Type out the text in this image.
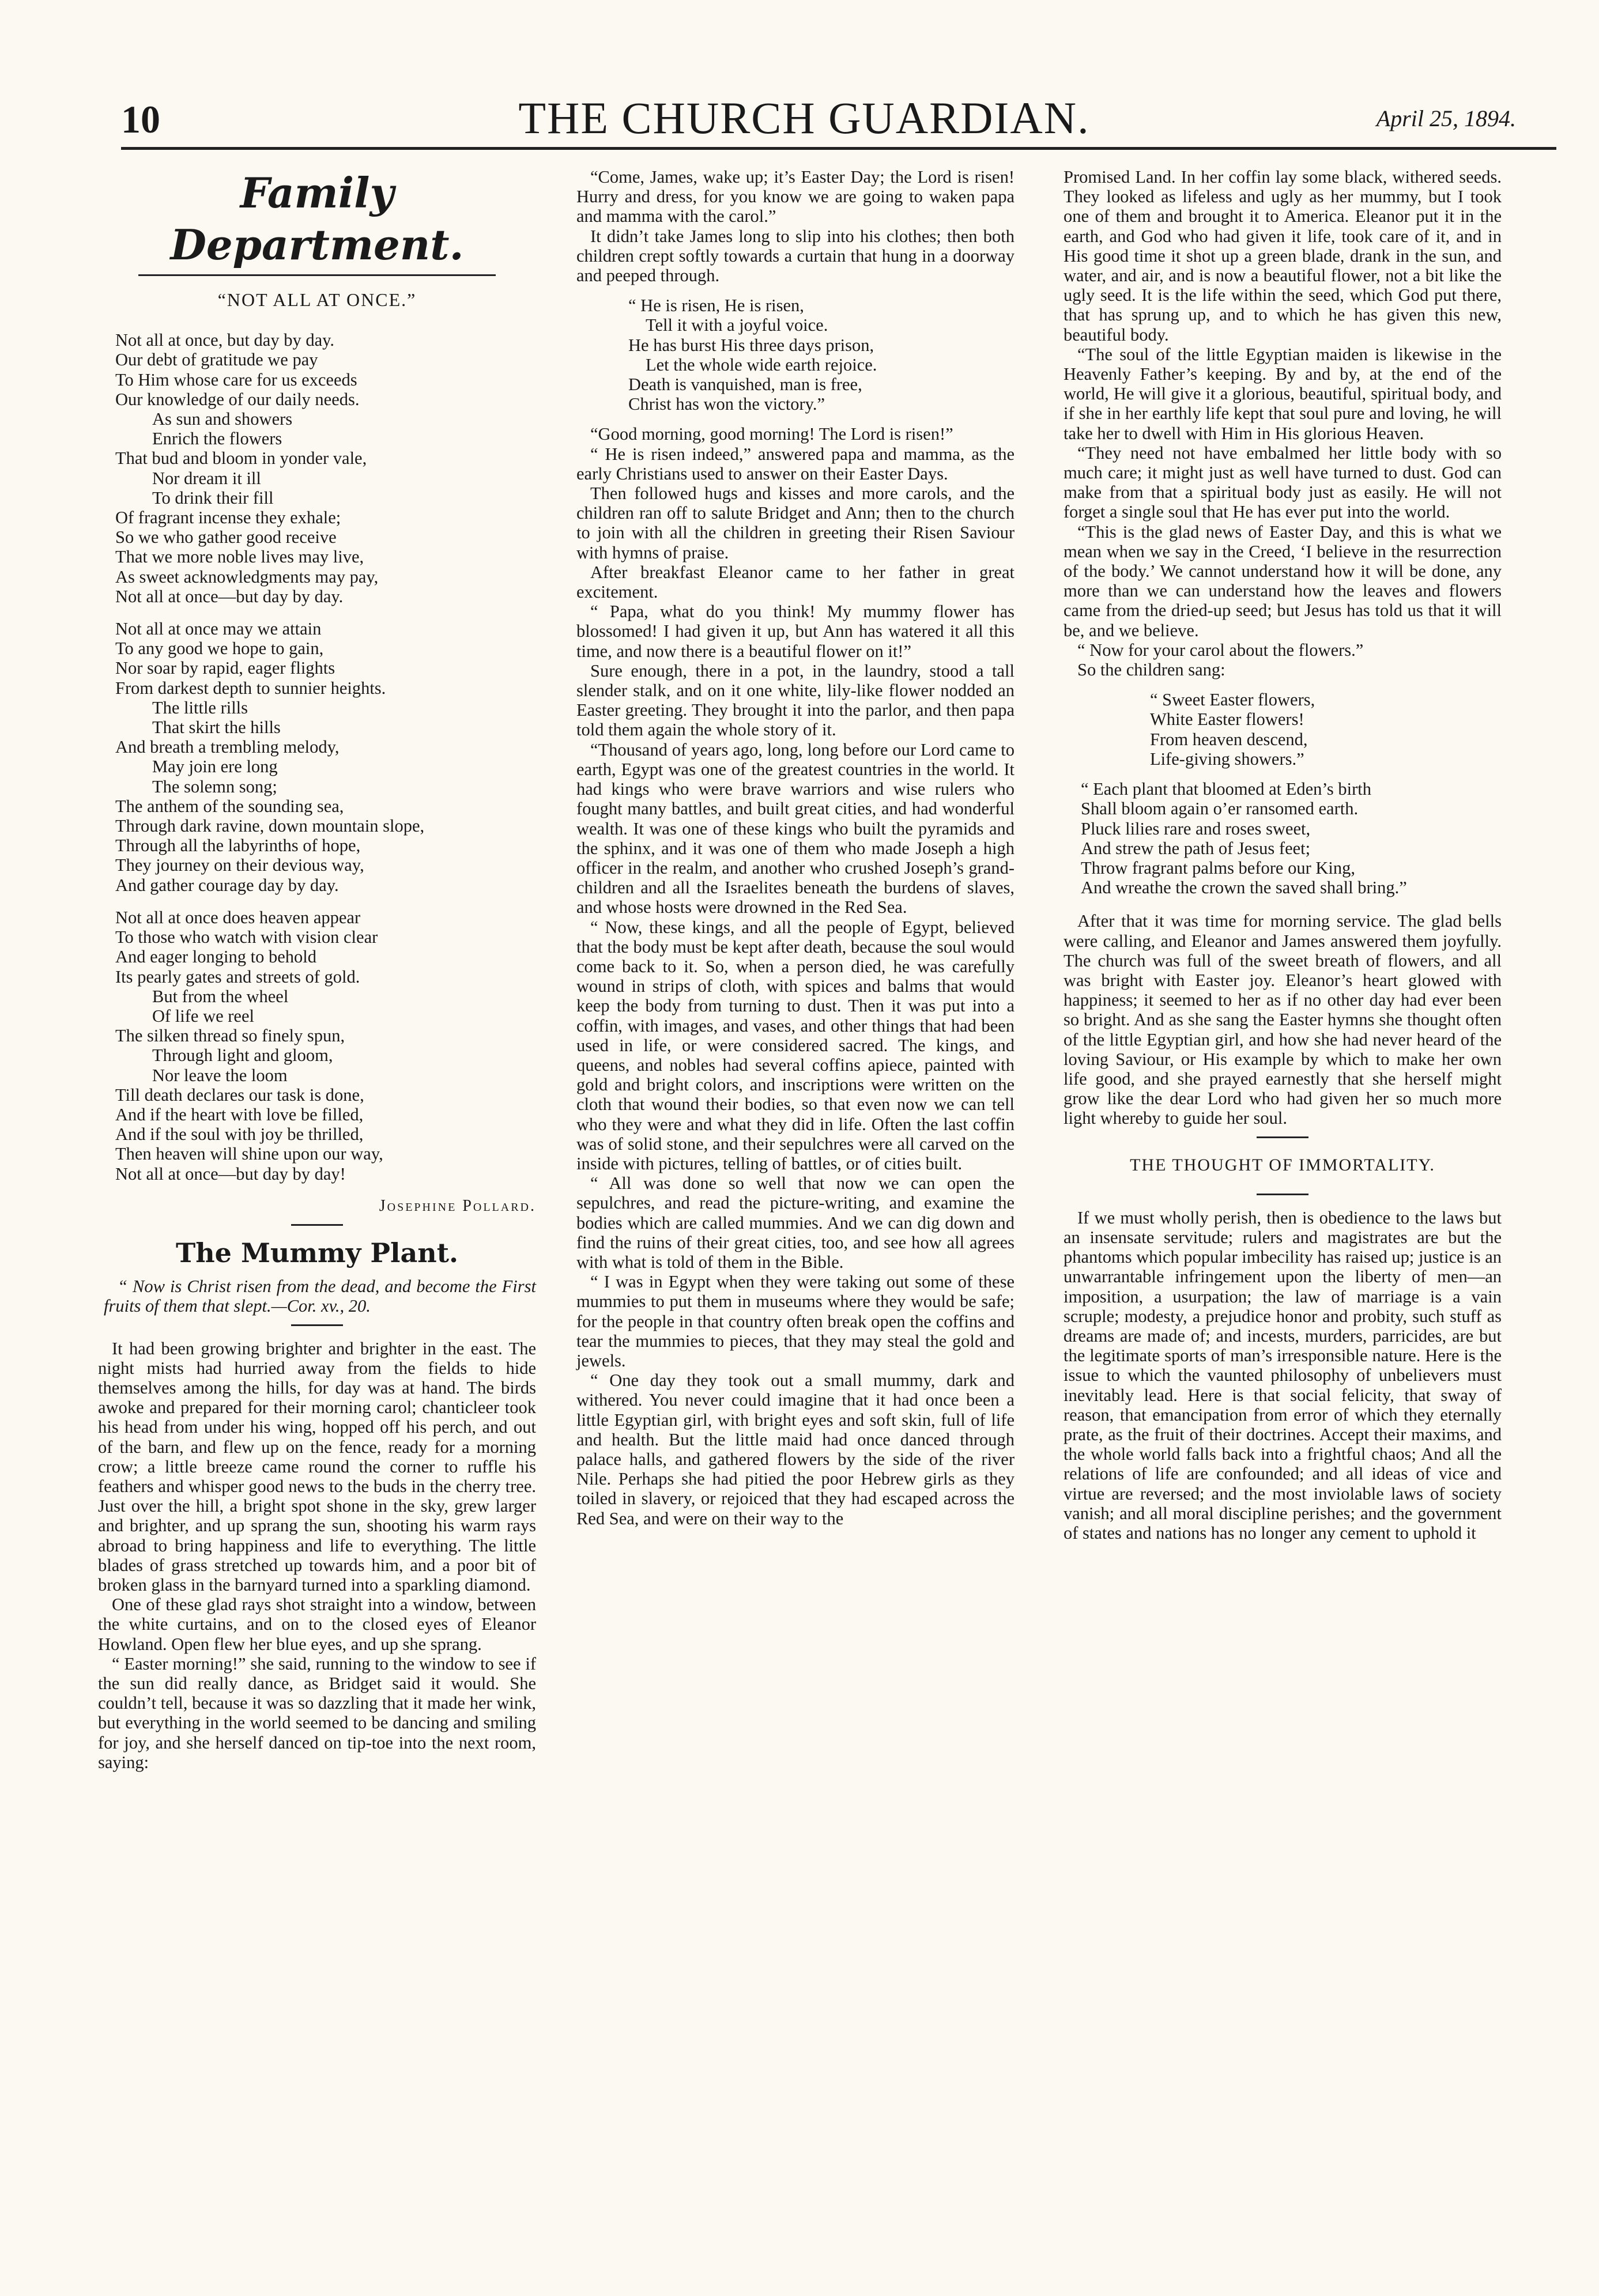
10	THE CHURCH GUARDIAN.	April 25, 1894.
Family Department.
“NOT ALL AT ONCE.”
Not all at once, but day by day.
Our debt of gratitude we pay
To Him whose care for us exceeds
Our knowledge of our daily needs.
As sun and showers
Enrich the flowers
That bud and bloom in yonder vale,
Nor dream it ill
To drink their fill
Of fragrant incense they exhale;
So we who gather good receive
That we more noble lives may live,
As sweet acknowledgments may pay,
Not all at once—but day by day.
Not all at once may we attain
To any good we hope to gain,
Nor soar by rapid, eager flights
From darkest depth to sunnier heights.
The little rills
That skirt the hills
And breath a trembling melody,
May join ere long
The solemn song;
The anthem of the sounding sea,
Through dark ravine, down mountain slope,
Through all the labyrinths of hope,
They journey on their devious way,
And gather courage day by day.
Not all at once does heaven appear
To those who watch with vision clear
And eager longing to behold
Its pearly gates and streets of gold.
But from the wheel
Of life we reel
The silken thread so finely spun,
Through light and gloom,
Nor leave the loom
Till death declares our task is done,
And if the heart with love be filled,
And if the soul with joy be thrilled,
Then heaven will shine upon our way,
Not all at once—but day by day!
Josephine Pollard.
The Mummy Plant.

“ Now is Christ risen from the dead, and become the First fruits of them that slept.—Cor. xv., 20.

It had been growing brighter and brighter in the east. The night mists had hurried away from the fields to hide themselves among the hills, for day was at hand. The birds awoke and prepared for their morning carol; chanticleer took his head from under his wing, hopped off his perch, and out of the barn, and flew up on the fence, ready for a morning crow; a little breeze came round the corner to ruffle his feathers and whisper good news to the buds in the cherry tree. Just over the hill, a bright spot shone in the sky, grew larger and brighter, and up sprang the sun, shooting his warm rays abroad to bring happiness and life to everything. The little blades of grass stretched up towards him, and a poor bit of broken glass in the barnyard turned into a sparkling diamond.

One of these glad rays shot straight into a window, between the white curtains, and on to the closed eyes of Eleanor Howland. Open flew her blue eyes, and up she sprang.

“ Easter morning!” she said, running to the window to see if the sun did really dance, as Bridget said it would. She couldn’t tell, because it was so dazzling that it made her wink, but everything in the world seemed to be dancing and smiling for joy, and she herself danced on tip-toe into the next room, saying:

“Come, James, wake up; it’s Easter Day; the Lord is risen! Hurry and dress, for you know we are going to waken papa and mamma with the carol.”

It didn’t take James long to slip into his clothes; then both children crept softly towards a curtain that hung in a doorway and peeped through.

“ He is risen, He is risen,
Tell it with a joyful voice.
He has burst His three days prison,
Let the whole wide earth rejoice.
Death is vanquished, man is free,
Christ has won the victory.”

“Good morning, good morning! The Lord is risen!”

“ He is risen indeed,” answered papa and mamma, as the early Christians used to answer on their Easter Days.

Then followed hugs and kisses and more carols, and the children ran off to salute Bridget and Ann; then to the church to join with all the children in greeting their Risen Saviour with hymns of praise.

After breakfast Eleanor came to her father in great excitement.

“ Papa, what do you think! My mummy flower has blossomed! I had given it up, but Ann has watered it all this time, and now there is a beautiful flower on it!”

Sure enough, there in a pot, in the laundry, stood a tall slender stalk, and on it one white, lily-like flower nodded an Easter greeting. They brought it into the parlor, and then papa told them again the whole story of it.

“Thousand of years ago, long, long before our Lord came to earth, Egypt was one of the greatest countries in the world. It had kings who were brave warriors and wise rulers who fought many battles, and built great cities, and had wonderful wealth. It was one of these kings who built the pyramids and the sphinx, and it was one of them who made Joseph a high officer in the realm, and another who crushed Joseph’s grand-children and all the Israelites beneath the burdens of slaves, and whose hosts were drowned in the Red Sea.

“ Now, these kings, and all the people of Egypt, believed that the body must be kept after death, because the soul would come back to it. So, when a person died, he was carefully wound in strips of cloth, with spices and balms that would keep the body from turning to dust. Then it was put into a coffin, with images, and vases, and other things that had been used in life, or were considered sacred. The kings, and queens, and nobles had several coffins apiece, painted with gold and bright colors, and inscriptions were written on the cloth that wound their bodies, so that even now we can tell who they were and what they did in life. Often the last coffin was of solid stone, and their sepulchres were all carved on the inside with pictures, telling of battles, or of cities built.

“ All was done so well that now we can open the sepulchres, and read the picture-writing, and examine the bodies which are called mummies. And we can dig down and find the ruins of their great cities, too, and see how all agrees with what is told of them in the Bible.

“ I was in Egypt when they were taking out some of these mummies to put them in museums where they would be safe; for the people in that country often break open the coffins and tear the mummies to pieces, that they may steal the gold and jewels.

“ One day they took out a small mummy, dark and withered. You never could imagine that it had once been a little Egyptian girl, with bright eyes and soft skin, full of life and health. But the little maid had once danced through palace halls, and gathered flowers by the side of the river Nile. Perhaps she had pitied the poor Hebrew girls as they toiled in slavery, or rejoiced that they had escaped across the Red Sea, and were on their way to the

Promised Land. In her coffin lay some black, withered seeds. They looked as lifeless and ugly as her mummy, but I took one of them and brought it to America. Eleanor put it in the earth, and God who had given it life, took care of it, and in His good time it shot up a green blade, drank in the sun, and water, and air, and is now a beautiful flower, not a bit like the ugly seed. It is the life within the seed, which God put there, that has sprung up, and to which he has given this new, beautiful body.

“The soul of the little Egyptian maiden is likewise in the Heavenly Father’s keeping. By and by, at the end of the world, He will give it a glorious, beautiful, spiritual body, and if she in her earthly life kept that soul pure and loving, he will take her to dwell with Him in His glorious Heaven.

“They need not have embalmed her little body with so much care; it might just as well have turned to dust. God can make from that a spiritual body just as easily. He will not forget a single soul that He has ever put into the world.

“This is the glad news of Easter Day, and this is what we mean when we say in the Creed, ‘I believe in the resurrection of the body.’ We cannot understand how it will be done, any more than we can understand how the leaves and flowers came from the dried-up seed; but Jesus has told us that it will be, and we believe.

“ Now for your carol about the flowers.”

So the children sang:

“ Sweet Easter flowers,
White Easter flowers!
From heaven descend,
Life-giving showers.”
“ Each plant that bloomed at Eden’s birth
Shall bloom again o’er ransomed earth.
Pluck lilies rare and roses sweet,
And strew the path of Jesus feet;
Throw fragrant palms before our King,
And wreathe the crown the saved shall bring.”

After that it was time for morning service. The glad bells were calling, and Eleanor and James answered them joyfully. The church was full of the sweet breath of flowers, and all was bright with Easter joy. Eleanor’s heart glowed with happiness; it seemed to her as if no other day had ever been so bright. And as she sang the Easter hymns she thought often of the little Egyptian girl, and how she had never heard of the loving Saviour, or His example by which to make her own life good, and she prayed earnestly that she herself might grow like the dear Lord who had given her so much more light whereby to guide her soul.

THE THOUGHT OF IMMORTALITY.

If we must wholly perish, then is obedience to the laws but an insensate servitude; rulers and magistrates are but the phantoms which popular imbecility has raised up; justice is an unwarrantable infringement upon the liberty of men—an imposition, a usurpation; the law of marriage is a vain scruple; modesty, a prejudice honor and probity, such stuff as dreams are made of; and incests, murders, parricides, are but the legitimate sports of man’s irresponsible nature. Here is the issue to which the vaunted philosophy of unbelievers must inevitably lead. Here is that social felicity, that sway of reason, that emancipation from error of which they eternally prate, as the fruit of their doctrines. Accept their maxims, and the whole world falls back into a frightful chaos; And all the relations of life are confounded; and all ideas of vice and virtue are reversed; and the most inviolable laws of society vanish; and all moral discipline perishes; and the government of states and nations has no longer any cement to uphold it
